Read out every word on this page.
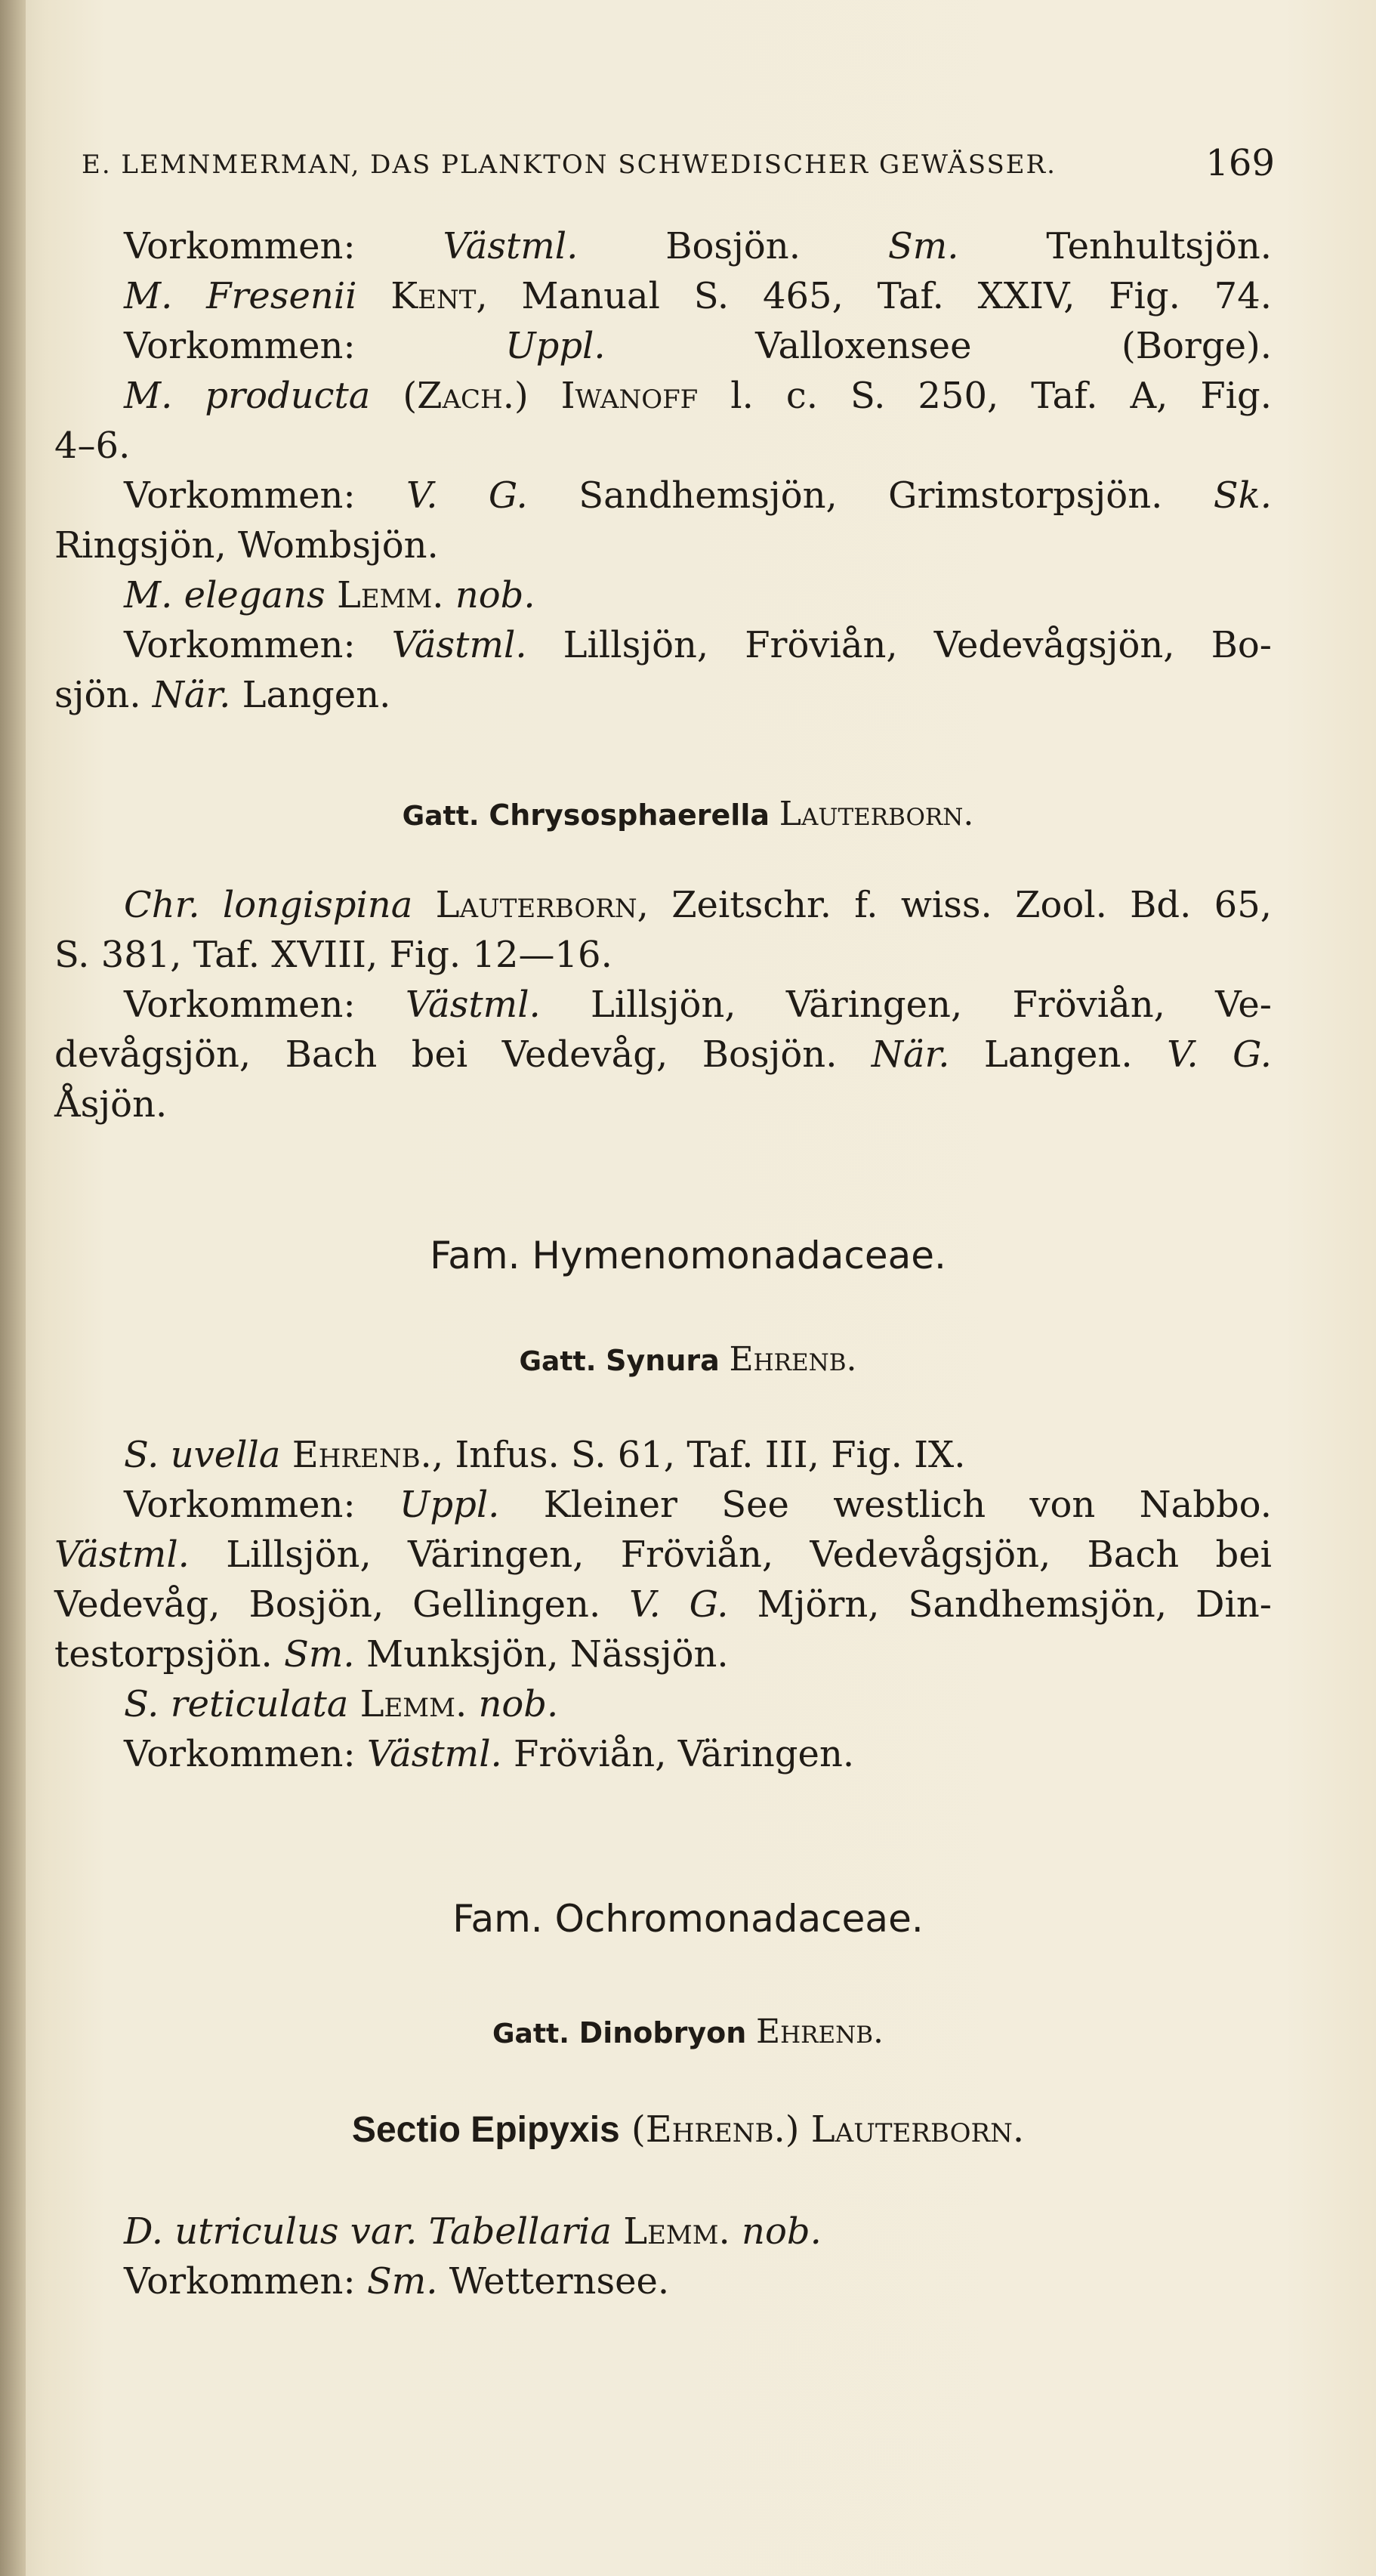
E. LEMNMERMAN, DAS PLANKTON SCHWEDISCHER GEWÄSSER.	169
Vorkommen: Västml. Bosjön. Sm. Tenhultsjön.
M. Fresenii Kent, Manual S. 465, Taf. XXIV, Fig. 74.
Vorkommen: Uppl. Valloxensee (Borge).
M. producta (Zach.) Iwanoff l. c. S. 250, Taf. A, Fig.
4–6.
Vorkommen: V. G. Sandhemsjön, Grimstorpsjön. Sk.
Ringsjön, Wombsjön.
M. elegans Lemm. nob.
Vorkommen: Västml. Lillsjön, Fröviån, Vedevågsjön, Bo-
sjön. När. Langen.
Gatt. Chrysosphaerella Lauterborn.
Chr. longispina Lauterborn, Zeitschr. f. wiss. Zool. Bd. 65,
S. 381, Taf. XVIII, Fig. 12—16.
Vorkommen: Västml. Lillsjön, Väringen, Fröviån, Ve-
devågsjön, Bach bei Vedevåg, Bosjön. När. Langen. V. G.
Åsjön.
Fam. Hymenomonadaceae.
Gatt. Synura Ehrenb.
S. uvella Ehrenb., Infus. S. 61, Taf. III, Fig. IX.
Vorkommen: Uppl. Kleiner See westlich von Nabbo.
Västml. Lillsjön, Väringen, Fröviån, Vedevågsjön, Bach bei
Vedevåg, Bosjön, Gellingen. V. G. Mjörn, Sandhemsjön, Din-
testorpsjön. Sm. Munksjön, Nässjön.
S. reticulata Lemm. nob.
Vorkommen: Västml. Fröviån, Väringen.
Fam. Ochromonadaceae.
Gatt. Dinobryon Ehrenb.
Sectio Epipyxis (Ehrenb.) Lauterborn.
D. utriculus var. Tabellaria Lemm. nob.
Vorkommen: Sm. Wetternsee.
